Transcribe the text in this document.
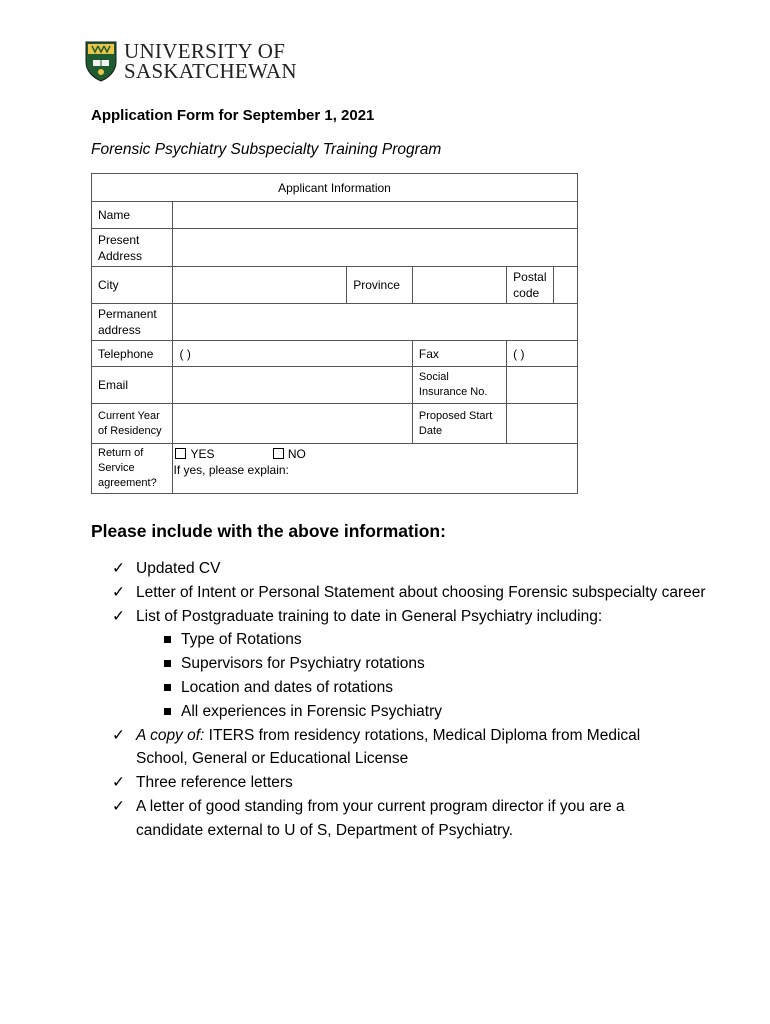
UNIVERSITY OF
SASKATCHEWAN
Application Form for September 1, 2021
Forensic Psychiatry Subspecialty Training Program
Applicant Information					
Name					
Present Address					
City		Province		Postal code	
Permanent address					
Telephone	( )		Fax	( )	
Email			Social Insurance No.		
Current Year of Residency			Proposed Start Date		
Return of Service agreement?	YES NO
If yes, please explain:				
Please include with the above information:
✓ Updated CV
✓ Letter of Intent or Personal Statement about choosing Forensic subspecialty career
✓ List of Postgraduate training to date in General Psychiatry including:
Type of Rotations
Supervisors for Psychiatry rotations
Location and dates of rotations
All experiences in Forensic Psychiatry
✓ A copy of: ITERS from residency rotations, Medical Diploma from Medical
School, General or Educational License
✓ Three reference letters
✓ A letter of good standing from your current program director if you are a
candidate external to U of S, Department of Psychiatry.
